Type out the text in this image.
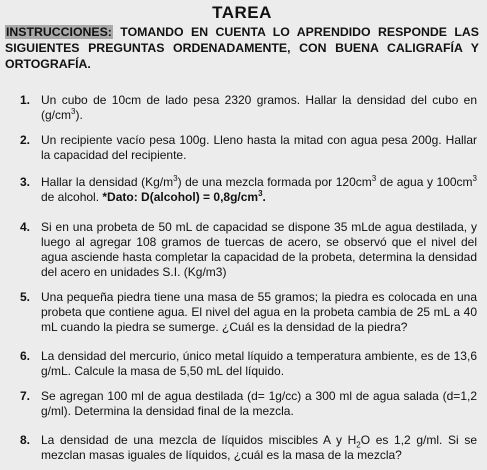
TAREA

INSTRUCCIONES: TOMANDO EN CUENTA LO APRENDIDO RESPONDE LAS SIGUIENTES PREGUNTAS ORDENADAMENTE, CON BUENA CALIGRAFÍA Y ORTOGRAFÍA.

1. Un cubo de 10cm de lado pesa 2320 gramos. Hallar la densidad del cubo en $(g/cm^3)$.
2. Un recipiente vacío pesa 100g. Lleno hasta la mitad con agua pesa 200g. Hallar la capacidad del recipiente.
3. Hallar la densidad $(Kg/m^3)$ de una mezcla formada por $120cm^3$ de agua y $100cm^3$ de alcohol. *Dato: D(alcohol) = $0,8g/cm^3$.
4. Si en una probeta de 50 mL de capacidad se dispone 35 mLde agua destilada, y luego al agregar 108 gramos de tuercas de acero, se observó que el nivel del agua asciende hasta completar la capacidad de la probeta, determina la densidad del acero en unidades S.I. (Kg/m3)
5. Una pequeña piedra tiene una masa de 55 gramos; la piedra es colocada en una probeta que contiene agua. El nivel del agua en la probeta cambia de 25 mL a 40 mL cuando la piedra se sumerge. ¿Cuál es la densidad de la piedra?
6. La densidad del mercurio, único metal líquido a temperatura ambiente, es de 13,6 g/mL. Calcule la masa de 5,50 mL del líquido.
7. Se agregan 100 ml de agua destilada (d= 1g/cc) a 300 ml de agua salada (d=1,2 g/ml). Determina la densidad final de la mezcla.
8. La densidad de una mezcla de líquidos miscibles A y $H_2O$ es 1,2 g/ml. Si se mezclan masas iguales de líquidos, ¿cuál es la masa de la mezcla?
